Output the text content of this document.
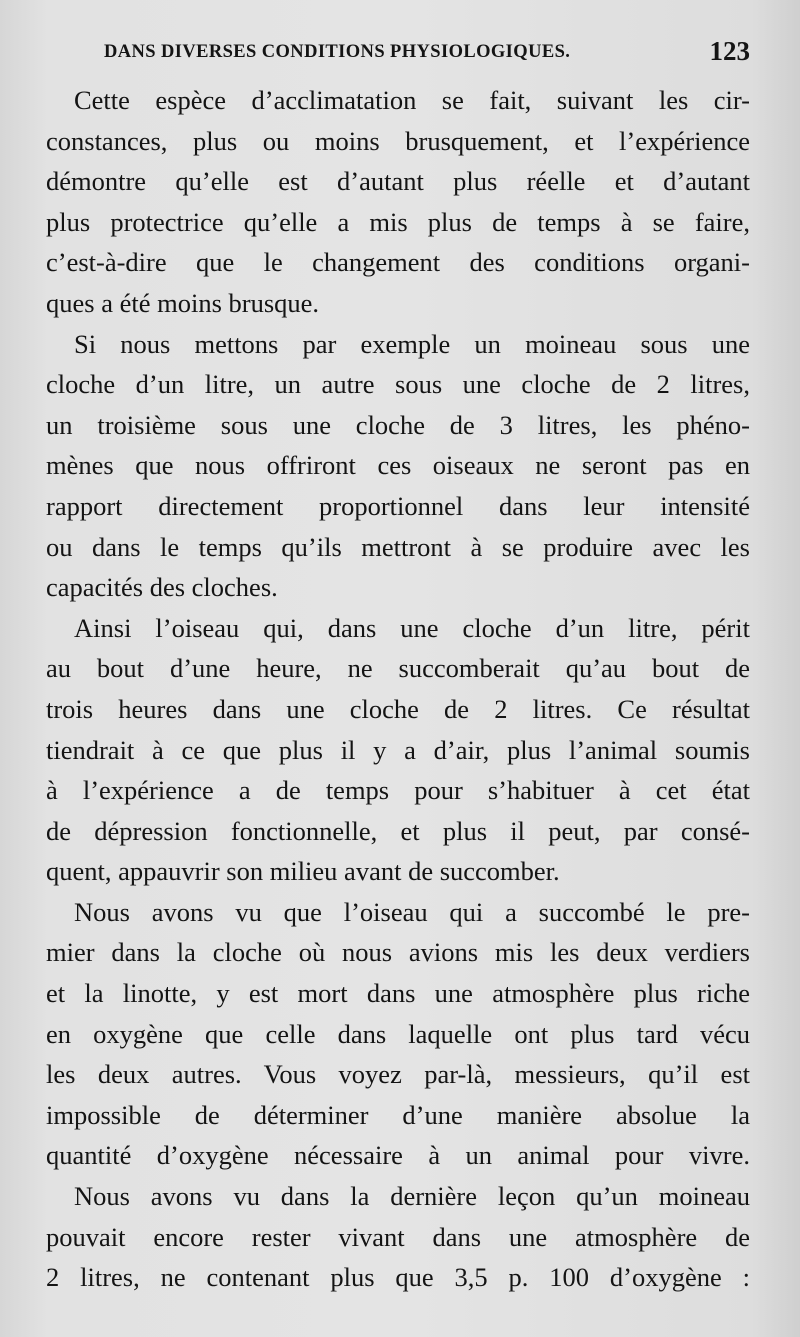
DANS DIVERSES CONDITIONS PHYSIOLOGIQUES.	123
Cette espèce d’acclimatation se fait, suivant les cir-
constances, plus ou moins brusquement, et l’expérience
démontre qu’elle est d’autant plus réelle et d’autant
plus protectrice qu’elle a mis plus de temps à se faire,
c’est-à-dire que le changement des conditions organi-
ques a été moins brusque.
Si nous mettons par exemple un moineau sous une
cloche d’un litre, un autre sous une cloche de 2 litres,
un troisième sous une cloche de 3 litres, les phéno-
mènes que nous offriront ces oiseaux ne seront pas en
rapport directement proportionnel dans leur intensité
ou dans le temps qu’ils mettront à se produire avec les
capacités des cloches.
Ainsi l’oiseau qui, dans une cloche d’un litre, périt
au bout d’une heure, ne succomberait qu’au bout de
trois heures dans une cloche de 2 litres. Ce résultat
tiendrait à ce que plus il y a d’air, plus l’animal soumis
à l’expérience a de temps pour s’habituer à cet état
de dépression fonctionnelle, et plus il peut, par consé-
quent, appauvrir son milieu avant de succomber.
Nous avons vu que l’oiseau qui a succombé le pre-
mier dans la cloche où nous avions mis les deux verdiers
et la linotte, y est mort dans une atmosphère plus riche
en oxygène que celle dans laquelle ont plus tard vécu
les deux autres. Vous voyez par-là, messieurs, qu’il est
impossible de déterminer d’une manière absolue la
quantité d’oxygène nécessaire à un animal pour vivre.
Nous avons vu dans la dernière leçon qu’un moineau
pouvait encore rester vivant dans une atmosphère de
2 litres, ne contenant plus que 3,5 p. 100 d’oxygène :
